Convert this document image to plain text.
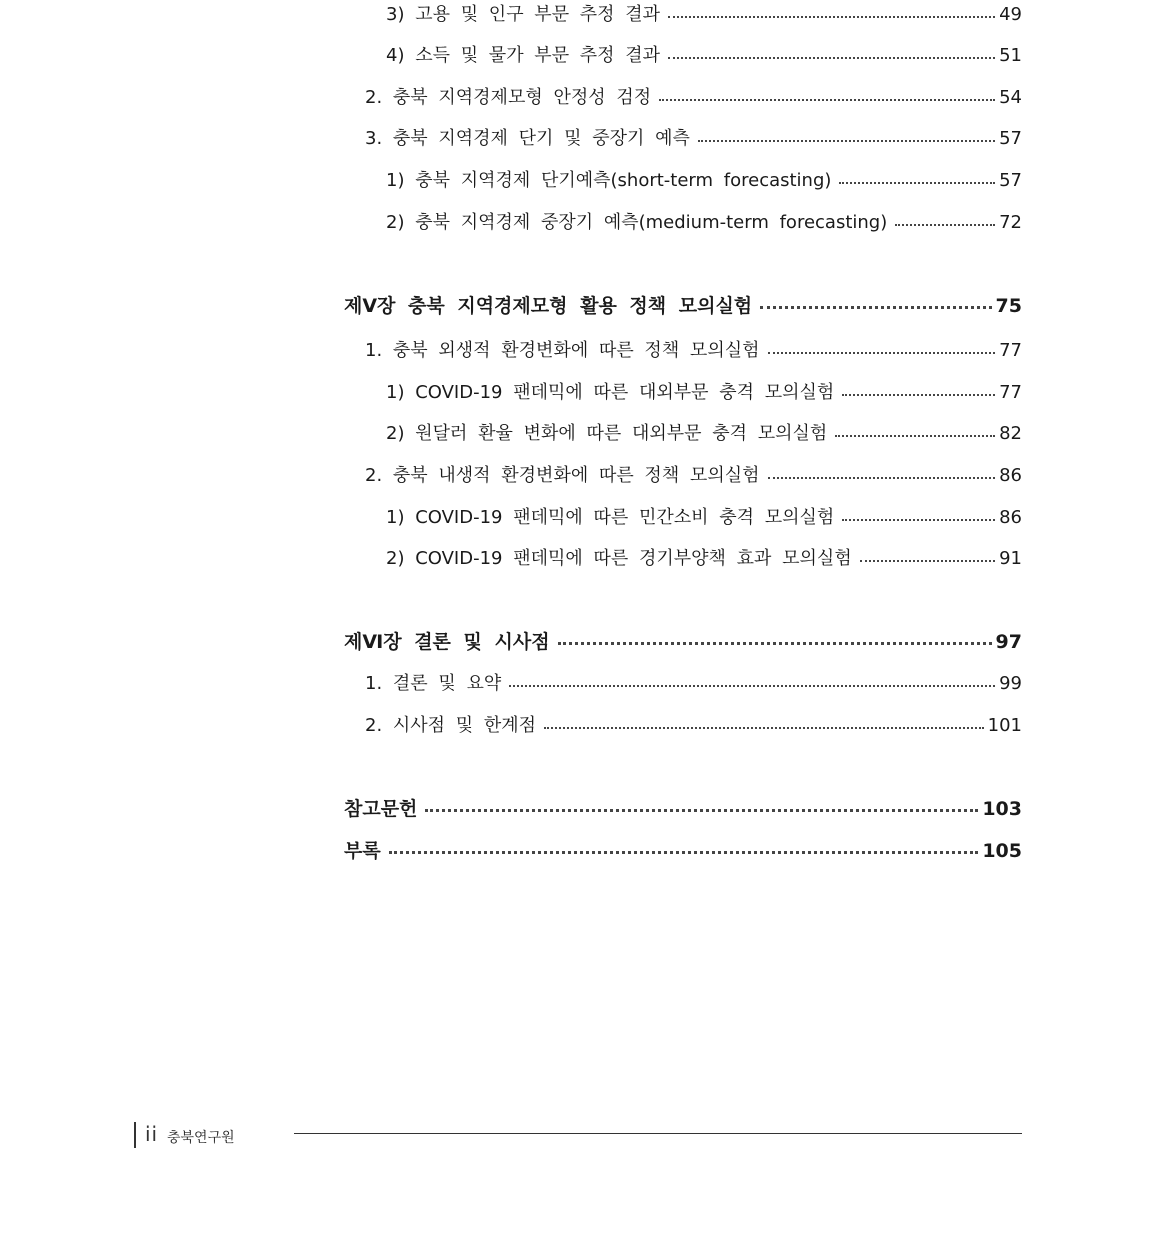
3) 고용 및 인구 부문 추정 결과	49
4) 소득 및 물가 부문 추정 결과	51
2. 충북 지역경제모형 안정성 검정	54
3. 충북 지역경제 단기 및 중장기 예측	57
1) 충북 지역경제 단기예측(short-term forecasting)	57
2) 충북 지역경제 중장기 예측(medium-term forecasting)	72
제Ⅴ장 충북 지역경제모형 활용 정책 모의실험	75
1. 충북 외생적 환경변화에 따른 정책 모의실험	77
1) COVID-19 팬데믹에 따른 대외부문 충격 모의실험	77
2) 원달러 환율 변화에 따른 대외부문 충격 모의실험	82
2. 충북 내생적 환경변화에 따른 정책 모의실험	86
1) COVID-19 팬데믹에 따른 민간소비 충격 모의실험	86
2) COVID-19 팬데믹에 따른 경기부양책 효과 모의실험	91
제Ⅵ장 결론 및 시사점	97
1. 결론 및 요약	99
2. 시사점 및 한계점	101
참고문헌	103
부록	105
ii 충북연구원
